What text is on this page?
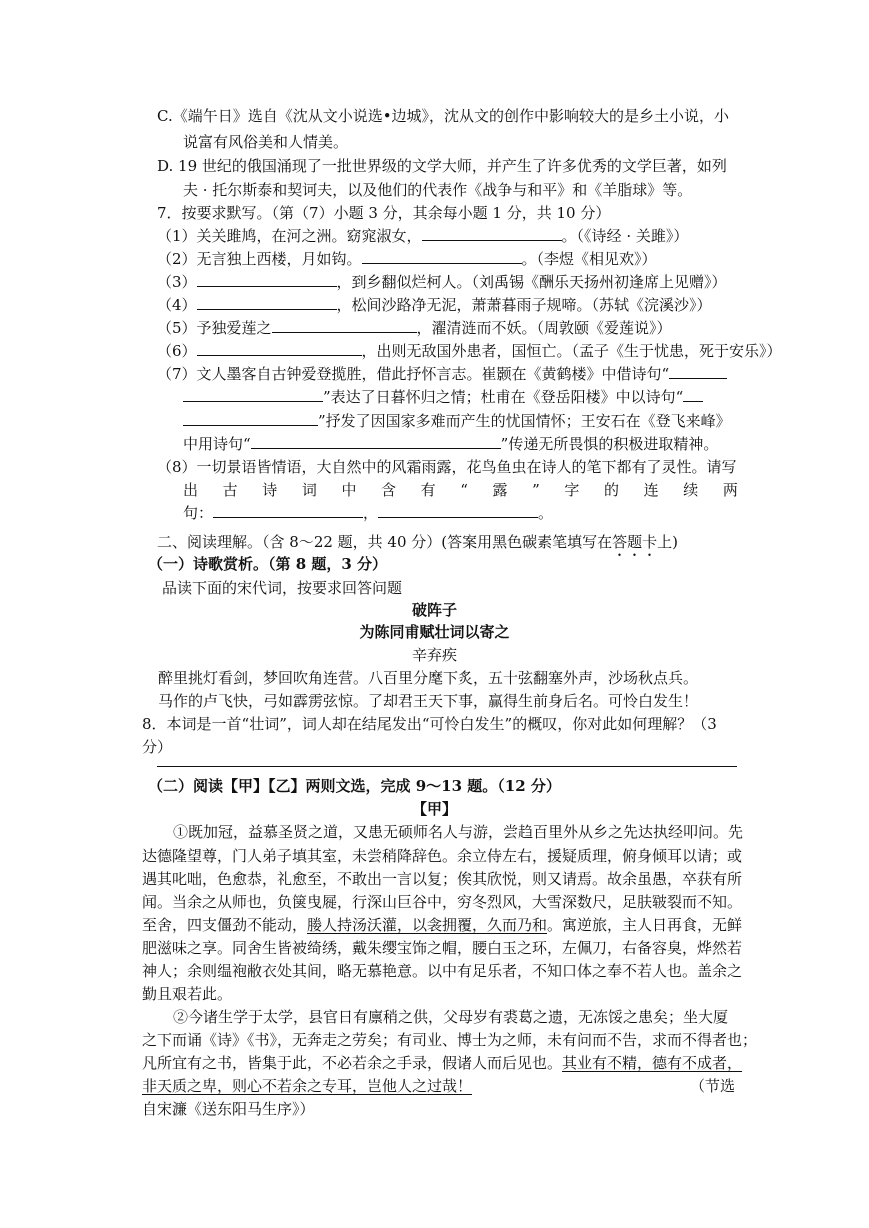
C.《端午日》选自《沈从文小说选•边城》，沈从文的创作中影响较大的是乡土小说，小
说富有风俗美和人情美。
D. 19 世纪的俄国涌现了一批世界级的文学大师，并产生了许多优秀的文学巨著，如列
夫 · 托尔斯泰和契诃夫，以及他们的代表作《战争与和平》和《羊脂球》等。
7．按要求默写。（第（7）小题 3 分，其余每小题 1 分，共 10 分）
（1）关关雎鸠，在河之洲。窈窕淑女，	。（《诗经 · 关雎》）
（2）无言独上西楼，月如钩。	。（李煜《相见欢》）
（3）	，到乡翻似烂柯人。（刘禹锡《酬乐天扬州初逢席上见赠》）
（4）	，松间沙路净无泥，萧萧暮雨子规啼。（苏轼《浣溪沙》）
（5）予独爱莲之	，濯清涟而不妖。（周敦颐《爱莲说》）
（6）	，出则无敌国外患者，国恒亡。（孟子《生于忧患，死于安乐》）
（7）文人墨客自古钟爱登揽胜，借此抒怀言志。崔颢在《黄鹤楼》中借诗句“
”表达了日暮怀归之情；杜甫在《登岳阳楼》中以诗句“
”抒发了因国家多难而产生的忧国情怀；王安石在《登飞来峰》
中用诗句“	”传递无所畏惧的积极进取精神。
（8）一切景语皆情语，大自然中的风霜雨露，花鸟鱼虫在诗人的笔下都有了灵性。请写
出 古 诗 词 中 含 有 “ 露 ” 字 的 连 续 两
句：	，	。
二、阅读理解。（含 8～22 题，共 40 分）(答案用黑色碳素笔填写在答题卡上)
（一）诗歌赏析。（第 8 题，3 分）
品读下面的宋代词，按要求回答问题
破阵子
为陈同甫赋壮词以寄之
辛弃疾
醉里挑灯看剑，梦回吹角连营。八百里分麾下炙，五十弦翻塞外声，沙场秋点兵。
马作的卢飞快，弓如霹雳弦惊。了却君王天下事，赢得生前身后名。可怜白发生！
8．本词是一首“壮词”，词人却在结尾发出“可怜白发生”的概叹，你对此如何理解？（3
分）
（二）阅读【甲】【乙】两则文选，完成 9～13 题。（12 分）
【甲】
①既加冠，益慕圣贤之道，又患无硕师名人与游，尝趋百里外从乡之先达执经叩问。先
达德隆望尊，门人弟子填其室，未尝稍降辞色。余立侍左右，援疑质理，俯身倾耳以请；或
遇其叱咄，色愈恭，礼愈至，不敢出一言以复；俟其欣悦，则又请焉。故余虽愚，卒获有所
闻。当余之从师也，负箧曳屣，行深山巨谷中，穷冬烈风，大雪深数尺，足肤皲裂而不知。
至舍，四支僵劲不能动，媵人持汤沃灌，以衾拥覆，久而乃和。寓逆旅，主人日再食，无鲜
肥滋味之享。同舍生皆被绮绣，戴朱缨宝饰之帽，腰白玉之环，左佩刀，右备容臭，烨然若
神人；余则缊袍敝衣处其间，略无慕艳意。以中有足乐者，不知口体之奉不若人也。盖余之
勤且艰若此。
②今诸生学于太学，县官日有廪稍之供，父母岁有裘葛之遗，无冻馁之患矣；坐大厦
之下而诵《诗》《书》，无奔走之劳矣；有司业、博士为之师，未有问而不告，求而不得者也；
凡所宜有之书，皆集于此，不必若余之手录，假诸人而后见也。其业有不精，德有不成者，
非天质之卑，则心不若余之专耳，岂他人之过哉！	（节选
自宋濂《送东阳马生序》）
